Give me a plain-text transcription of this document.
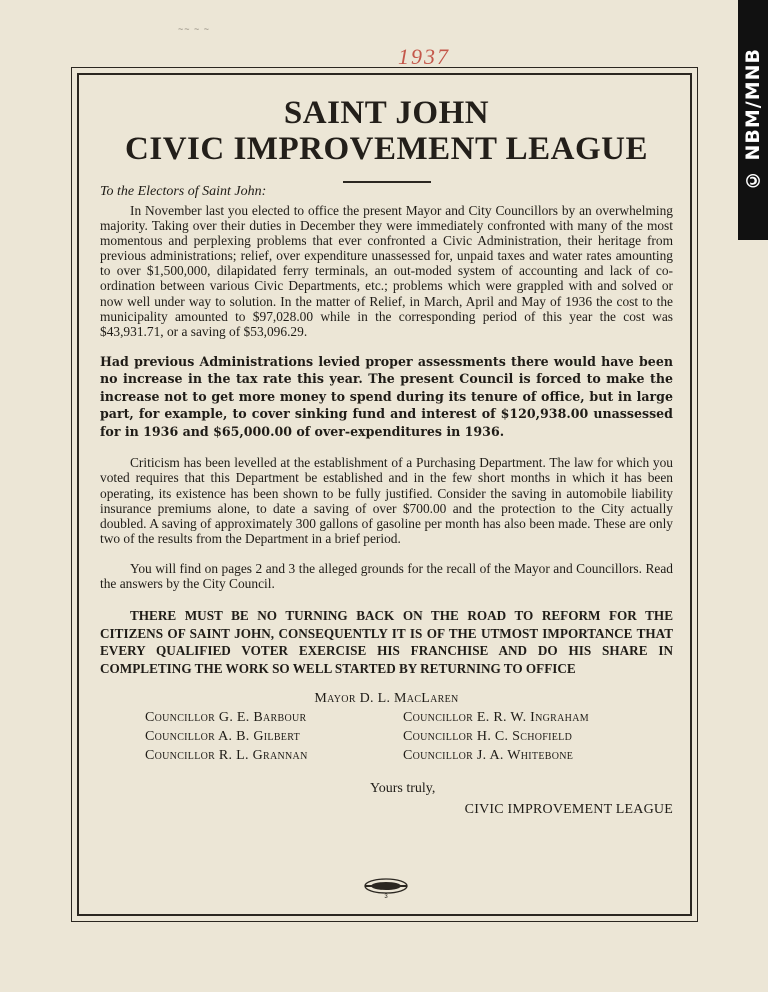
~~ ~ ~
1937	© NBM/MNB
SAINT JOHN
CIVIC IMPROVEMENT LEAGUE
To the Electors of Saint John:

In November last you elected to office the present Mayor and City Councillors by an overwhelming majority. Taking over their duties in December they were immediately confronted with many of the most momentous and perplexing problems that ever confronted a Civic Administration, their heritage from previous administrations; relief, over expenditure unassessed for, unpaid taxes and water rates amounting to over $1,500,000, dilapidated ferry terminals, an out-moded system of accounting and lack of co-ordination between various Civic Departments, etc.; problems which were grappled with and solved or now well under way to solution. In the matter of Relief, in March, April and May of 1936 the cost to the municipality amounted to $97,028.00 while in the corresponding period of this year the cost was $43,931.71, or a saving of $53,096.29.

Had previous Administrations levied proper assessments there would have been no increase in the tax rate this year. The present Council is forced to make the increase not to get more money to spend during its tenure of office, but in large part, for example, to cover sinking fund and interest of $120,938.00 unassessed for in 1936 and $65,000.00 of over-expenditures in 1936.

Criticism has been levelled at the establishment of a Purchasing Department. The law for which you voted requires that this Department be established and in the few short months in which it has been operating, its existence has been shown to be fully justified. Consider the saving in automobile liability insurance premiums alone, to date a saving of over $700.00 and the protection to the City actually doubled. A saving of approximately 300 gallons of gasoline per month has also been made. These are only two of the results from the Department in a brief period.

You will find on pages 2 and 3 the alleged grounds for the recall of the Mayor and Councillors. Read the answers by the City Council.

THERE MUST BE NO TURNING BACK ON THE ROAD TO REFORM FOR THE CITIZENS OF SAINT JOHN, CONSEQUENTLY IT IS OF THE UTMOST IMPORTANCE THAT EVERY QUALIFIED VOTER EXERCISE HIS FRANCHISE AND DO HIS SHARE IN COMPLETING THE WORK SO WELL STARTED BY RETURNING TO OFFICE

Mayor D. L. MacLaren
Councillor G. E. Barbour	Councillor E. R. W. Ingraham
Councillor A. B. Gilbert	Councillor H. C. Schofield
Councillor R. L. Grannan	Councillor J. A. Whitebone
Yours truly,
CIVIC IMPROVEMENT LEAGUE
3
